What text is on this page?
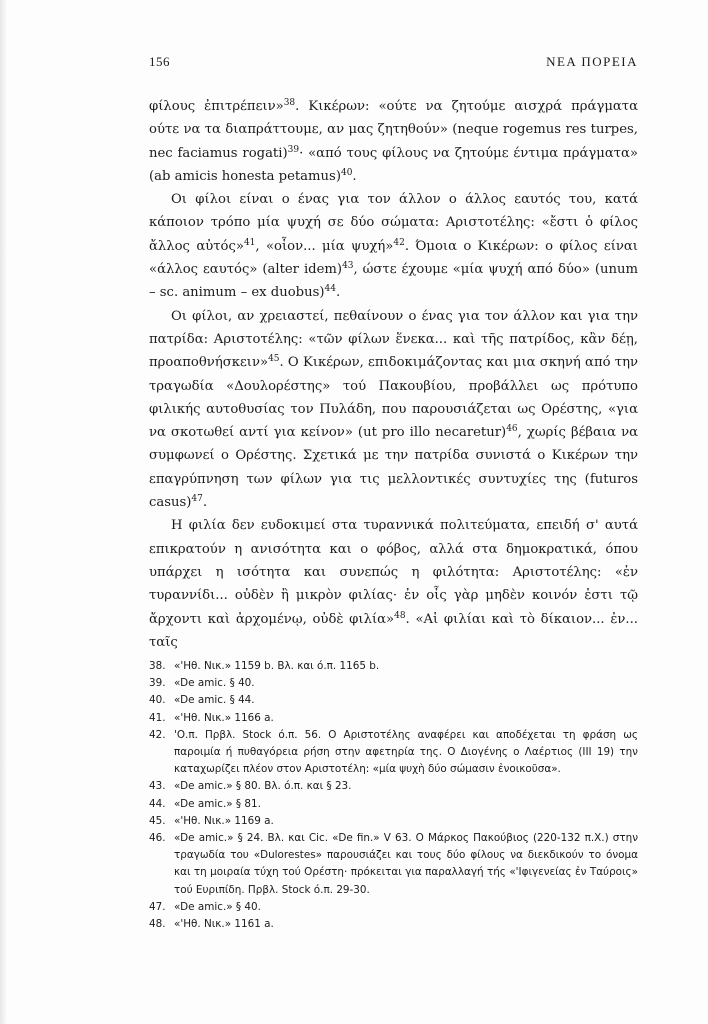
156	ΝΕΑ ΠΟΡΕΙΑ

φίλους ἐπιτρέπειν»$^{38}$. Κικέρων: «ούτε να ζητούμε αισχρά πράγματα ούτε να τα διαπράττουμε, αν μας ζητηθούν» (neque rogemus res turpes, nec faciamus rogati)$^{39}$· «από τους φίλους να ζητούμε έντιμα πράγματα» (ab amicis honesta petamus)$^{40}$.

Οι φίλοι είναι ο ένας για τον άλλον ο άλλος εαυτός του, κατά κάποιον τρόπο μία ψυχή σε δύο σώματα: Αριστοτέλης: «ἔστι ὁ φίλος ἄλλος αὐτός»$^{41}$, «οἷον... μία ψυχή»$^{42}$. Όμοια ο Κικέρων: ο φίλος είναι «άλλος εαυτός» (alter idem)$^{43}$, ώστε έχουμε «μία ψυχή από δύο» (unum – sc. animum – ex duobus)$^{44}$.

Οι φίλοι, αν χρειαστεί, πεθαίνουν ο ένας για τον άλλον και για την πατρίδα: Αριστοτέλης: «τῶν φίλων ἕνεκα... καὶ τῆς πατρίδος, κἂν δέῃ, προαποθνήσκειν»$^{45}$. Ο Κικέρων, επιδοκιμάζοντας και μια σκηνή από την τραγωδία «Δουλορέστης» τού Πακουβίου, προβάλλει ως πρότυπο φιλικής αυτοθυσίας τον Πυλάδη, που παρουσιάζεται ως Ορέστης, «για να σκοτωθεί αντί για κείνον» (ut pro illo necaretur)$^{46}$, χωρίς βέβαια να συμφωνεί ο Ορέστης. Σχετικά με την πατρίδα συνιστά ο Κικέρων την επαγρύπνηση των φίλων για τις μελλοντικές συντυχίες της (futuros casus)$^{47}$.

Η φιλία δεν ευδοκιμεί στα τυραννικά πολιτεύματα, επειδή σ' αυτά επικρατούν η ανισότητα και ο φόβος, αλλά στα δημοκρατικά, όπου υπάρχει η ισότητα και συνεπώς η φιλότητα: Αριστοτέλης: «ἐν τυραννίδι... οὐδὲν ἢ μικρὸν φιλίας· ἐν οἷς γὰρ μηδὲν κοινόν ἐστι τῷ ἄρχοντι καὶ ἀρχομένῳ, οὐδὲ φιλία»$^{48}$. «Αἱ φιλίαι καὶ τὸ δίκαιον... ἐν... ταῖς

38. «'Ηθ. Νικ.» 1159 b. Βλ. και ό.π. 1165 b.
39. «De amic. § 40.
40. «De amic. § 44.
41. «'Ηθ. Νικ.» 1166 a.
42. 'Ο.π. Πρβλ. Stock ό.π. 56. Ο Αριστοτέλης αναφέρει και αποδέχεται τη φράση ως παροιμία ή πυθαγόρεια ρήση στην αφετηρία της. Ο Διογένης ο Λαέρτιος (III 19) την καταχωρίζει πλέον στον Αριστοτέλη: «μία ψυχὴ δύο σώμασιν ἐνοικοῦσα».
43. «De amic.» § 80. Βλ. ό.π. και § 23.
44. «De amic.» § 81.
45. «'Ηθ. Νικ.» 1169 a.
46. «De amic.» § 24. Βλ. και Cic. «De fin.» V 63. Ο Μάρκος Πακούβιος (220-132 π.Χ.) στην τραγωδία του «Dulorestes» παρουσιάζει και τους δύο φίλους να διεκδικούν το όνομα και τη μοιραία τύχη τού Ορέστη· πρόκειται για παραλλαγή τής «'Ιφιγενείας ἐν Ταύροις» τού Ευριπίδη. Πρβλ. Stock ό.π. 29-30.
47. «De amic.» § 40.
48. «'Ηθ. Νικ.» 1161 a.
